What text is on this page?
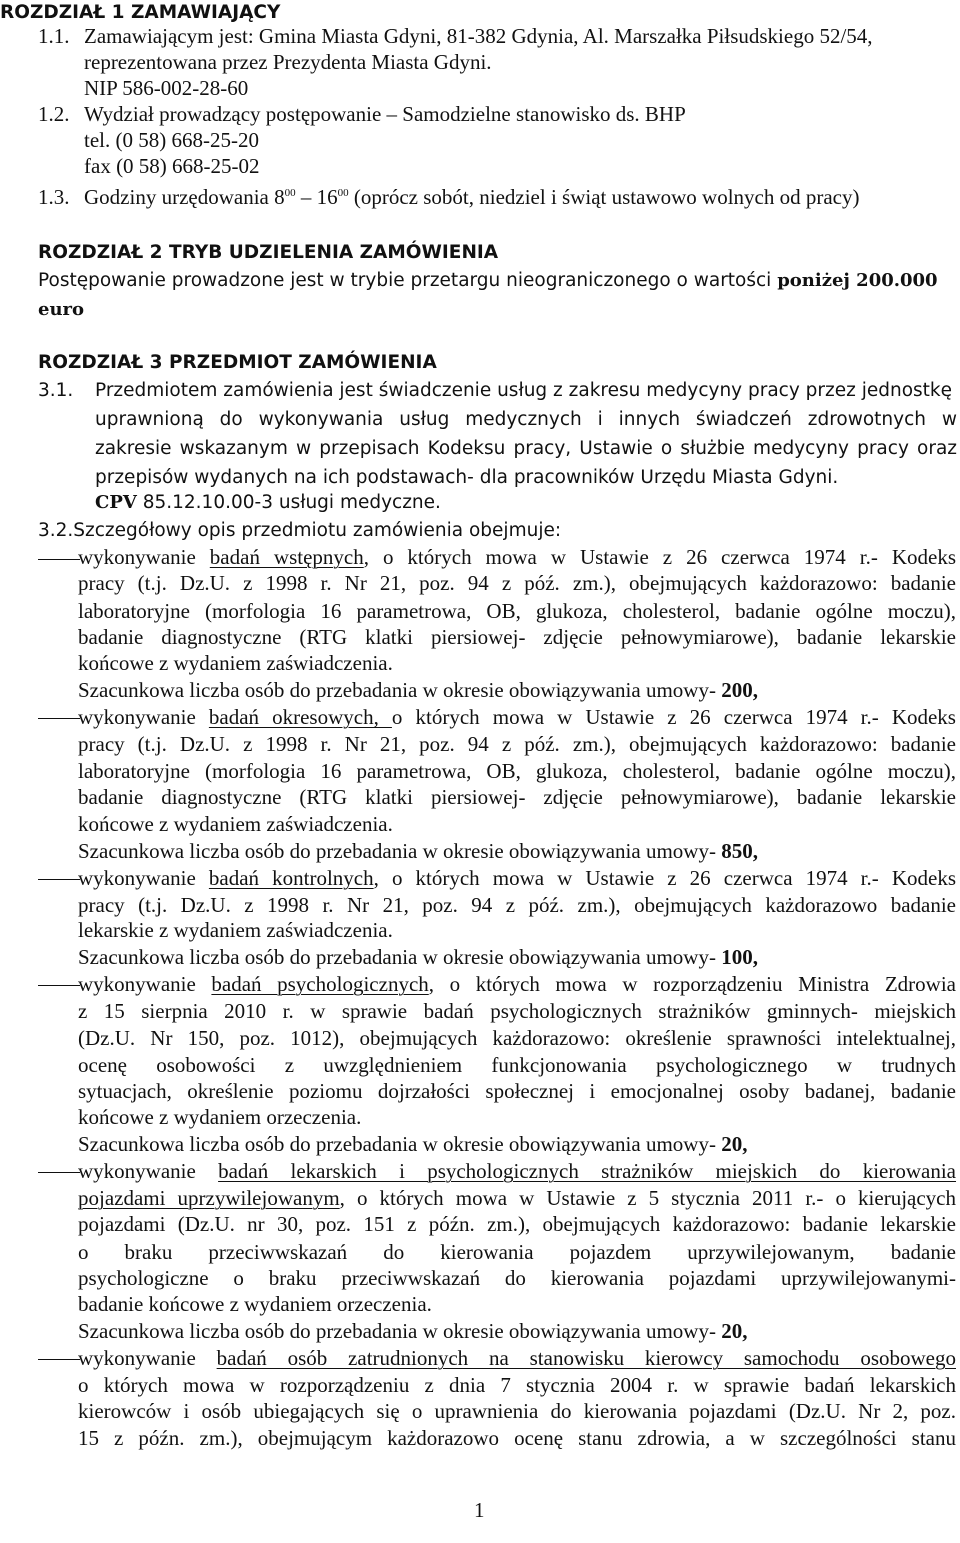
ROZDZIAŁ 1 ZAMAWIAJĄCY
1.1. Zamawiającym jest: Gmina Miasta Gdyni, 81-382 Gdynia, Al. Marszałka Piłsudskiego 52/54,
reprezentowana przez Prezydenta Miasta Gdyni.
NIP 586-002-28-60
1.2. Wydział prowadzący postępowanie – Samodzielne stanowisko ds. BHP
tel. (0 58) 668-25-20
fax (0 58) 668-25-02
1.3. Godziny urzędowania $8^{00} - 16^{00}$ (oprócz sobót, niedziel i świąt ustawowo wolnych od pracy)
ROZDZIAŁ 2 TRYB UDZIELENIA ZAMÓWIENIA
Postępowanie prowadzone jest w trybie przetargu nieograniczonego o wartości poniżej 200.000
euro
ROZDZIAŁ 3 PRZEDMIOT ZAMÓWIENIA
3.1. Przedmiotem zamówienia jest świadczenie usług z zakresu medycyny pracy przez jednostkę
uprawnioną do wykonywania usług medycznych i innych świadczeń zdrowotnych w
zakresie wskazanym w przepisach Kodeksu pracy, Ustawie o służbie medycyny pracy oraz
przepisów wydanych na ich podstawach- dla pracowników Urzędu Miasta Gdyni.
CPV 85.12.10.00-3 usługi medyczne.
3.2.Szczegółowy opis przedmiotu zamówienia obejmuje:
wykonywanie badań wstępnych, o których mowa w Ustawie z 26 czerwca 1974 r.- Kodeks
pracy (t.j. Dz.U. z 1998 r. Nr 21, poz. 94 z póź. zm.), obejmujących każdorazowo: badanie
laboratoryjne (morfologia 16 parametrowa, OB, glukoza, cholesterol, badanie ogólne moczu),
badanie diagnostyczne (RTG klatki piersiowej- zdjęcie pełnowymiarowe), badanie lekarskie
końcowe z wydaniem zaświadczenia.
Szacunkowa liczba osób do przebadania w okresie obowiązywania umowy- 200,
wykonywanie badań okresowych, o których mowa w Ustawie z 26 czerwca 1974 r.- Kodeks
pracy (t.j. Dz.U. z 1998 r. Nr 21, poz. 94 z póź. zm.), obejmujących każdorazowo: badanie
laboratoryjne (morfologia 16 parametrowa, OB, glukoza, cholesterol, badanie ogólne moczu),
badanie diagnostyczne (RTG klatki piersiowej- zdjęcie pełnowymiarowe), badanie lekarskie
końcowe z wydaniem zaświadczenia.
Szacunkowa liczba osób do przebadania w okresie obowiązywania umowy- 850,
wykonywanie badań kontrolnych, o których mowa w Ustawie z 26 czerwca 1974 r.- Kodeks
pracy (t.j. Dz.U. z 1998 r. Nr 21, poz. 94 z póź. zm.), obejmujących każdorazowo badanie
lekarskie z wydaniem zaświadczenia.
Szacunkowa liczba osób do przebadania w okresie obowiązywania umowy- 100,
wykonywanie badań psychologicznych, o których mowa w rozporządzeniu Ministra Zdrowia
z 15 sierpnia 2010 r. w sprawie badań psychologicznych strażników gminnych- miejskich
(Dz.U. Nr 150, poz. 1012), obejmujących każdorazowo: określenie sprawności intelektualnej,
ocenę osobowości z uwzględnieniem funkcjonowania psychologicznego w trudnych
sytuacjach, określenie poziomu dojrzałości społecznej i emocjonalnej osoby badanej, badanie
końcowe z wydaniem orzeczenia.
Szacunkowa liczba osób do przebadania w okresie obowiązywania umowy- 20,
wykonywanie badań lekarskich i psychologicznych strażników miejskich do kierowania
pojazdami uprzywilejowanym, o których mowa w Ustawie z 5 stycznia 2011 r.- o kierujących
pojazdami (Dz.U. nr 30, poz. 151 z późn. zm.), obejmujących każdorazowo: badanie lekarskie
o braku przeciwwskazań do kierowania pojazdem uprzywilejowanym, badanie
psychologiczne o braku przeciwwskazań do kierowania pojazdami uprzywilejowanymi-
badanie końcowe z wydaniem orzeczenia.
Szacunkowa liczba osób do przebadania w okresie obowiązywania umowy- 20,
wykonywanie badań osób zatrudnionych na stanowisku kierowcy samochodu osobowego
o których mowa w rozporządzeniu z dnia 7 stycznia 2004 r. w sprawie badań lekarskich
kierowców i osób ubiegających się o uprawnienia do kierowania pojazdami (Dz.U. Nr 2, poz.
15 z późn. zm.), obejmującym każdorazowo ocenę stanu zdrowia, a w szczególności stanu
1
